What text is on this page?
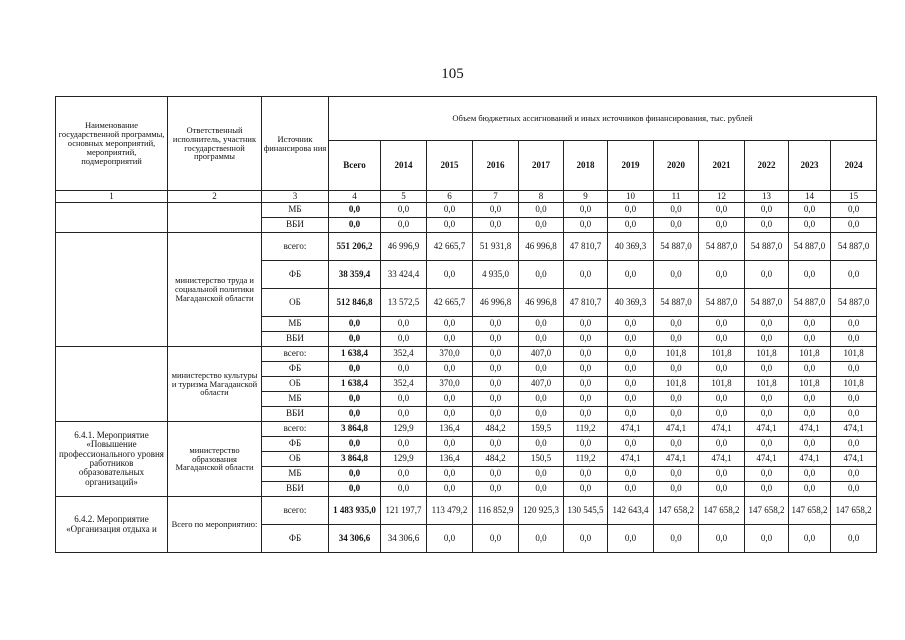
105
Наименование государственной программы, основных мероприятий, мероприятий, подмероприятий	Ответственный исполнитель, участник государственной программы	Источник финансирова ния	Объем бюджетных ассигнований и иных источников финансирования, тыс. рублей											
			Всего	2014	2015	2016	2017	2018	2019	2020	2021	2022	2023	2024
1	2	3	4	5	6	7	8	9	10	11	12	13	14	15
		МБ	0,0	0,0	0,0	0,0	0,0	0,0	0,0	0,0	0,0	0,0	0,0	0,0
		ВБИ	0,0	0,0	0,0	0,0	0,0	0,0	0,0	0,0	0,0	0,0	0,0	0,0
	министерство труда и социальной политики Магаданской области	всего:	551 206,2	46 996,9	42 665,7	51 931,8	46 996,8	47 810,7	40 369,3	54 887,0	54 887,0	54 887,0	54 887,0	54 887,0
		ФБ	38 359,4	33 424,4	0,0	4 935,0	0,0	0,0	0,0	0,0	0,0	0,0	0,0	0,0
		ОБ	512 846,8	13 572,5	42 665,7	46 996,8	46 996,8	47 810,7	40 369,3	54 887,0	54 887,0	54 887,0	54 887,0	54 887,0
		МБ	0,0	0,0	0,0	0,0	0,0	0,0	0,0	0,0	0,0	0,0	0,0	0,0
		ВБИ	0,0	0,0	0,0	0,0	0,0	0,0	0,0	0,0	0,0	0,0	0,0	0,0
	министерство культуры и туризма Магаданской области	всего:	1 638,4	352,4	370,0	0,0	407,0	0,0	0,0	101,8	101,8	101,8	101,8	101,8
		ФБ	0,0	0,0	0,0	0,0	0,0	0,0	0,0	0,0	0,0	0,0	0,0	0,0
		ОБ	1 638,4	352,4	370,0	0,0	407,0	0,0	0,0	101,8	101,8	101,8	101,8	101,8
		МБ	0,0	0,0	0,0	0,0	0,0	0,0	0,0	0,0	0,0	0,0	0,0	0,0
		ВБИ	0,0	0,0	0,0	0,0	0,0	0,0	0,0	0,0	0,0	0,0	0,0	0,0
6.4.1. Мероприятие «Повышение профессионального уровня работников образовательных организаций»	министерство образования Магаданской области	всего:	3 864,8	129,9	136,4	484,2	159,5	119,2	474,1	474,1	474,1	474,1	474,1	474,1
		ФБ	0,0	0,0	0,0	0,0	0,0	0,0	0,0	0,0	0,0	0,0	0,0	0,0
		ОБ	3 864,8	129,9	136,4	484,2	150,5	119,2	474,1	474,1	474,1	474,1	474,1	474,1
		МБ	0,0	0,0	0,0	0,0	0,0	0,0	0,0	0,0	0,0	0,0	0,0	0,0
		ВБИ	0,0	0,0	0,0	0,0	0,0	0,0	0,0	0,0	0,0	0,0	0,0	0,0
6.4.2. Мероприятие «Организация отдыха и	Всего по мероприятию:	всего:	1 483 935,0	121 197,7	113 479,2	116 852,9	120 925,3	130 545,5	142 643,4	147 658,2	147 658,2	147 658,2	147 658,2	147 658,2
		ФБ	34 306,6	34 306,6	0,0	0,0	0,0	0,0	0,0	0,0	0,0	0,0	0,0	0,0
